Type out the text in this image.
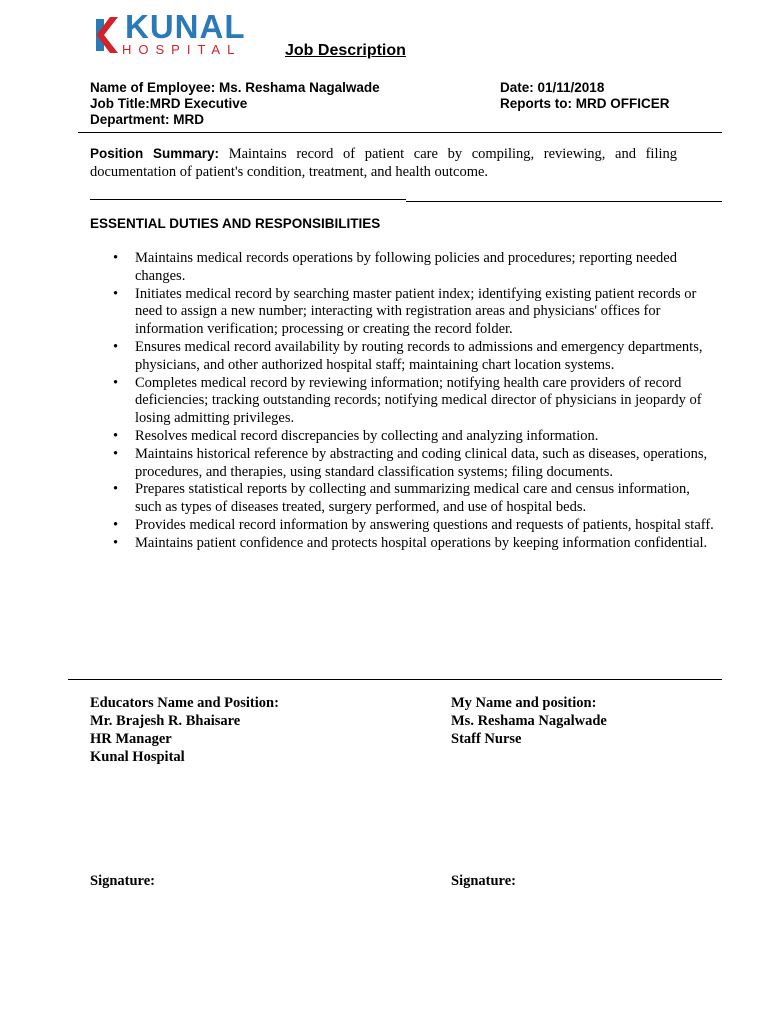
KUNAL
HOSPITAL	Job Description
Name of Employee: Ms. Reshama Nagalwade
Job Title:MRD Executive
Department: MRD
Date: 01/11/2018
Reports to: MRD OFFICER
Position Summary: Maintains record of patient care by compiling, reviewing, and filing documentation of patient's condition, treatment, and health outcome.
ESSENTIAL DUTIES AND RESPONSIBILITIES
• Maintains medical records operations by following policies and procedures; reporting needed changes.
• Initiates medical record by searching master patient index; identifying existing patient records or need to assign a new number; interacting with registration areas and physicians' offices for information verification; processing or creating the record folder.
• Ensures medical record availability by routing records to admissions and emergency departments, physicians, and other authorized hospital staff; maintaining chart location systems.
• Completes medical record by reviewing information; notifying health care providers of record deficiencies; tracking outstanding records; notifying medical director of physicians in jeopardy of losing admitting privileges.
• Resolves medical record discrepancies by collecting and analyzing information.
• Maintains historical reference by abstracting and coding clinical data, such as diseases, operations, procedures, and therapies, using standard classification systems; filing documents.
• Prepares statistical reports by collecting and summarizing medical care and census information, such as types of diseases treated, surgery performed, and use of hospital beds.
• Provides medical record information by answering questions and requests of patients, hospital staff.
• Maintains patient confidence and protects hospital operations by keeping information confidential.
Educators Name and Position:
Mr. Brajesh R. Bhaisare
HR Manager
Kunal Hospital
My Name and position:
Ms. Reshama Nagalwade
Staff Nurse
Signature:	Signature:
